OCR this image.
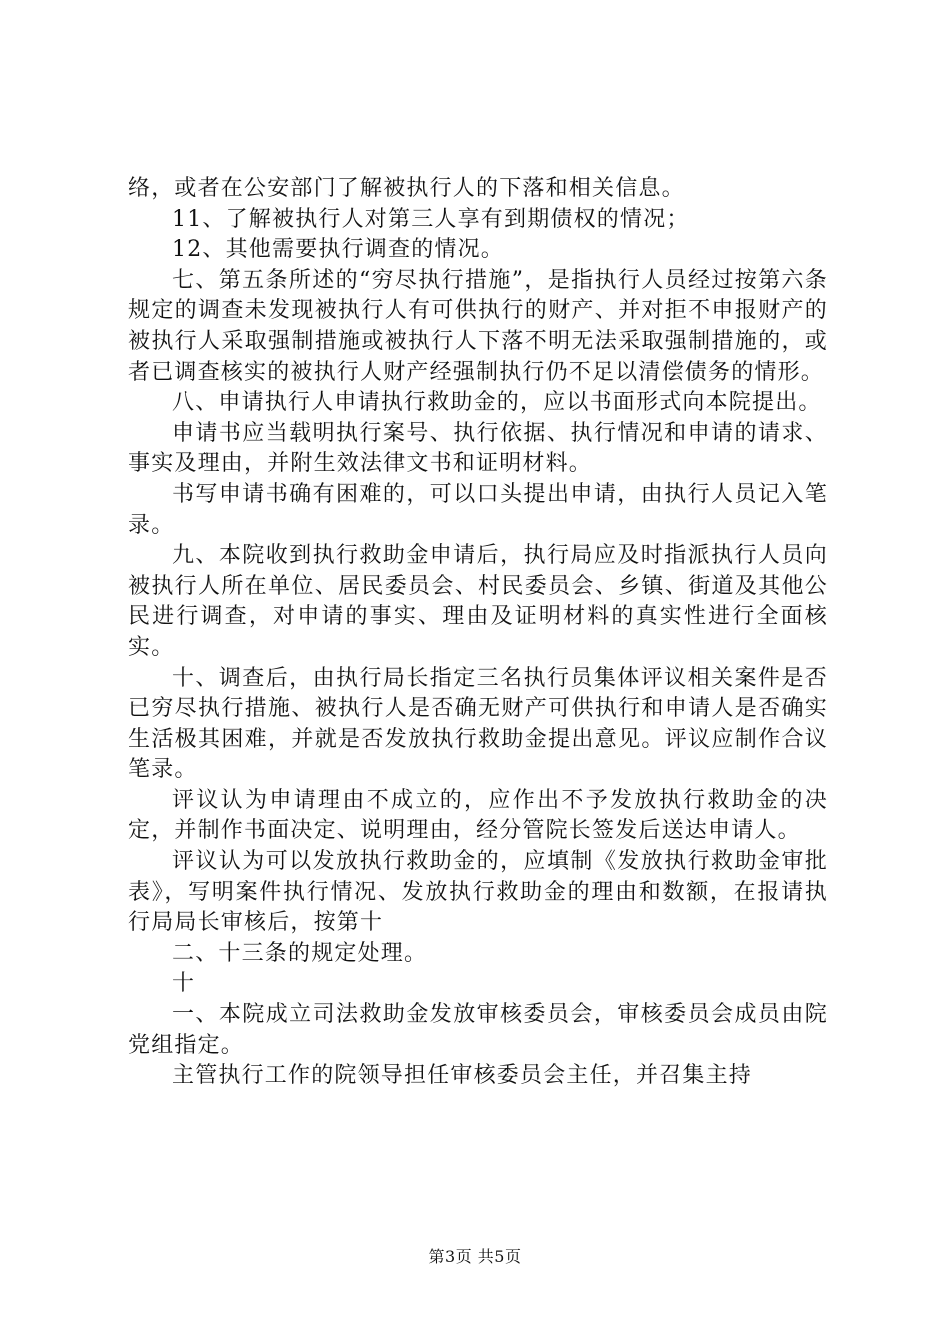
络，或者在公安部门了解被执行人的下落和相关信息。

11、了解被执行人对第三人享有到期债权的情况；

12、其他需要执行调查的情况。

七、第五条所述的“穷尽执行措施”，是指执行人员经过按第六条规定的调查未发现被执行人有可供执行的财产、并对拒不申报财产的被执行人采取强制措施或被执行人下落不明无法采取强制措施的，或者已调查核实的被执行人财产经强制执行仍不足以清偿债务的情形。

八、申请执行人申请执行救助金的，应以书面形式向本院提出。

申请书应当载明执行案号、执行依据、执行情况和申请的请求、事实及理由，并附生效法律文书和证明材料。

书写申请书确有困难的，可以口头提出申请，由执行人员记入笔录。

九、本院收到执行救助金申请后，执行局应及时指派执行人员向被执行人所在单位、居民委员会、村民委员会、乡镇、街道及其他公民进行调查，对申请的事实、理由及证明材料的真实性进行全面核实。

十、调查后，由执行局长指定三名执行员集体评议相关案件是否已穷尽执行措施、被执行人是否确无财产可供执行和申请人是否确实生活极其困难，并就是否发放执行救助金提出意见。评议应制作合议笔录。

评议认为申请理由不成立的，应作出不予发放执行救助金的决定，并制作书面决定、说明理由，经分管院长签发后送达申请人。

评议认为可以发放执行救助金的，应填制《发放执行救助金审批表》，写明案件执行情况、发放执行救助金的理由和数额，在报请执行局局长审核后，按第十

二、十三条的规定处理。

十

一、本院成立司法救助金发放审核委员会，审核委员会成员由院党组指定。

主管执行工作的院领导担任审核委员会主任，并召集主持

第3页 共5页
